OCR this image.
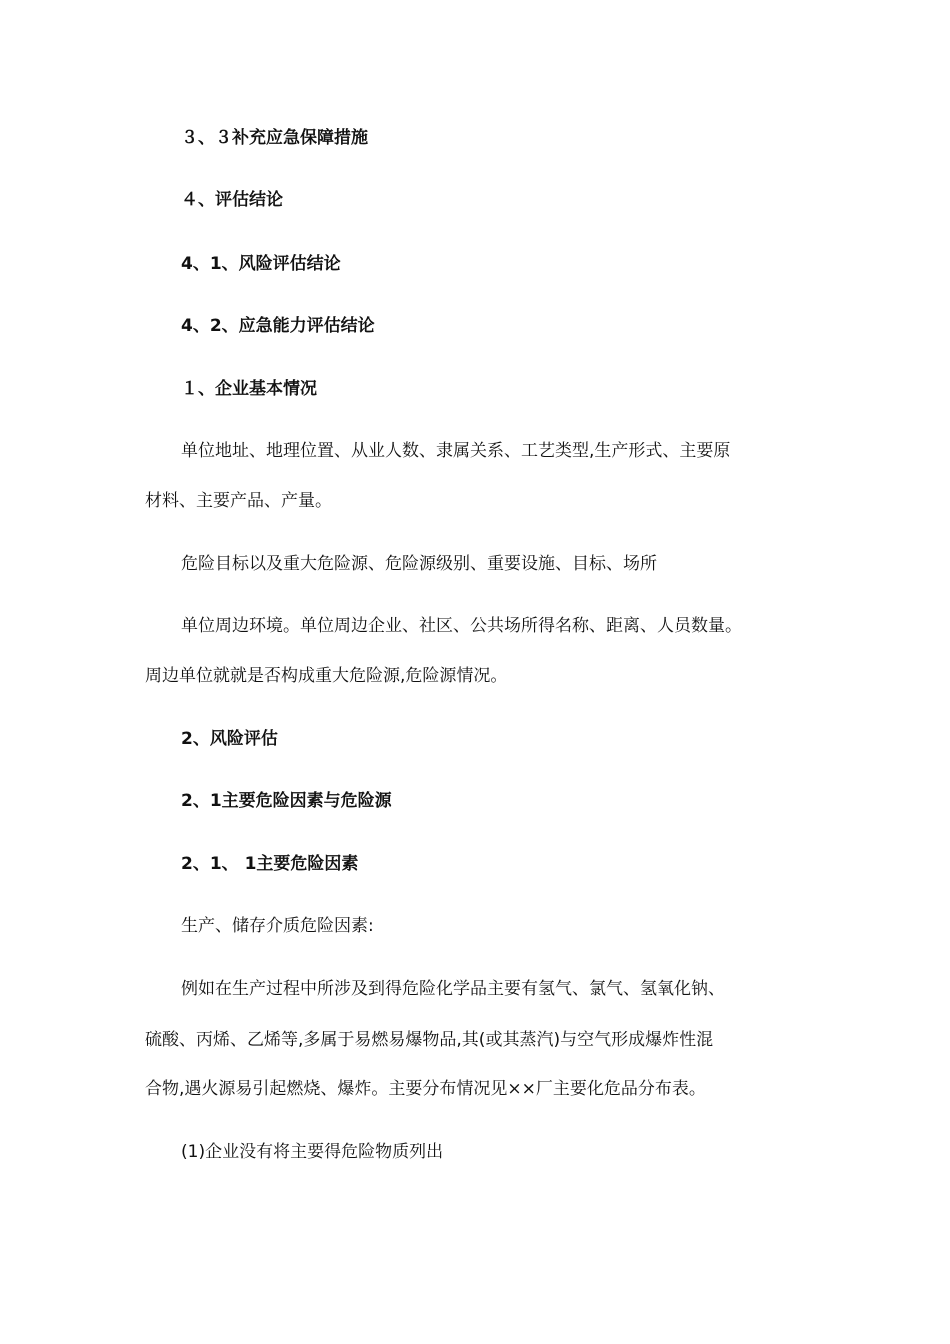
３、３补充应急保障措施
４、评估结论
4、1、风险评估结论
4、2、应急能力评估结论
１、企业基本情况
单位地址、地理位置、从业人数、隶属关系、工艺类型,生产形式、主要原
材料、主要产品、产量。
危险目标以及重大危险源、危险源级别、重要设施、目标、场所
单位周边环境。单位周边企业、社区、公共场所得名称、距离、人员数量。
周边单位就就是否构成重大危险源,危险源情况。
2、风险评估
2、1主要危险因素与危险源
2、1、 1主要危险因素
生产、储存介质危险因素:
例如在生产过程中所涉及到得危险化学品主要有氢气、氯气、氢氧化钠、
硫酸、丙烯、乙烯等,多属于易燃易爆物品,其(或其蒸汽)与空气形成爆炸性混
合物,遇火源易引起燃烧、爆炸。主要分布情况见××厂主要化危品分布表。
(1)企业没有将主要得危险物质列出
